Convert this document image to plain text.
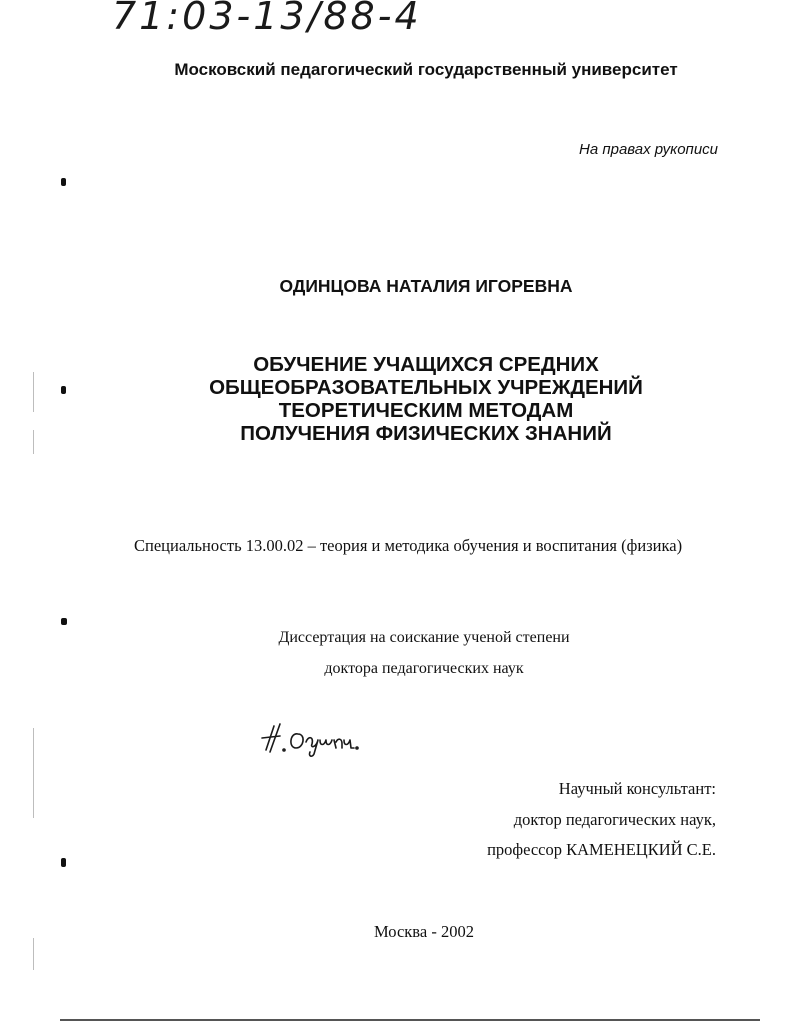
71:03-13/88-4
Московский педагогический государственный университет
На правах рукописи
ОДИНЦОВА НАТАЛИЯ ИГОРЕВНА
ОБУЧЕНИЕ УЧАЩИХСЯ СРЕДНИХ
ОБЩЕОБРАЗОВАТЕЛЬНЫХ УЧРЕЖДЕНИЙ
ТЕОРЕТИЧЕСКИМ МЕТОДАМ
ПОЛУЧЕНИЯ ФИЗИЧЕСКИХ ЗНАНИЙ
Специальность 13.00.02 – теория и методика обучения и воспитания (физика)
Диссертация на соискание ученой степени
доктора педагогических наук
Научный консультант:
доктор педагогических наук,
профессор КАМЕНЕЦКИЙ С.Е.
Москва - 2002
